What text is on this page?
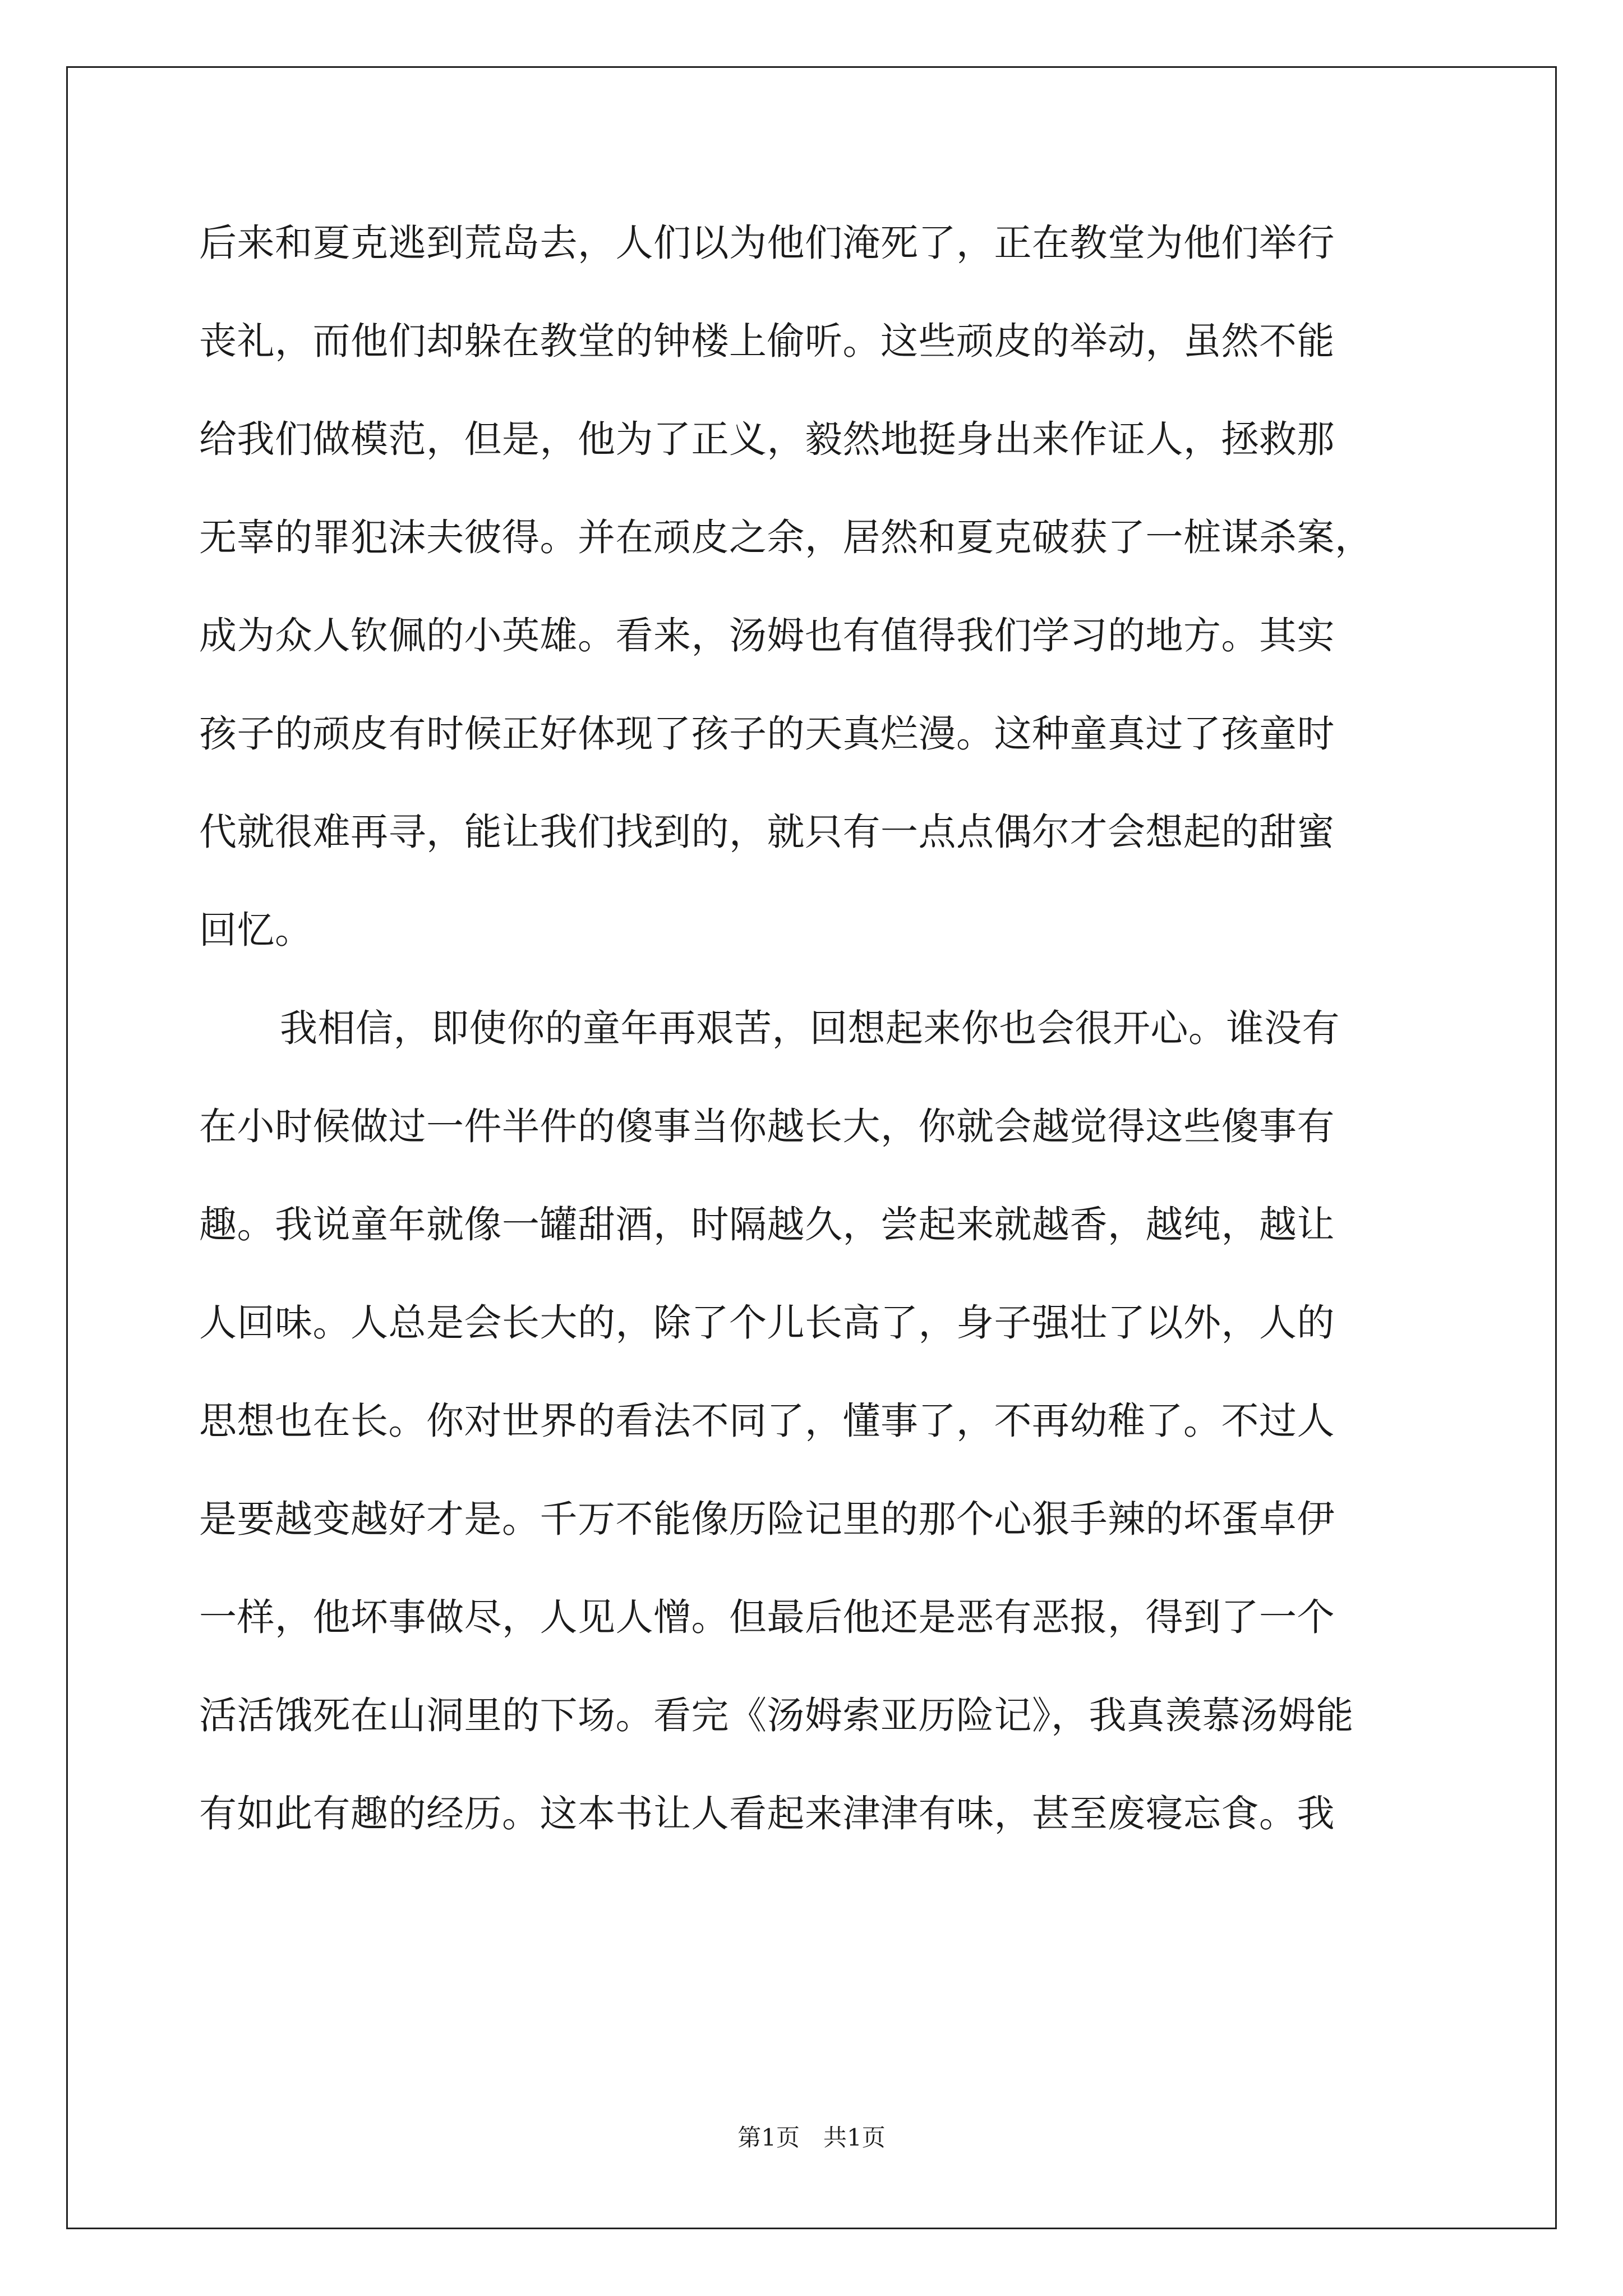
后来和夏克逃到荒岛去，人们以为他们淹死了，正在教堂为他们举行
丧礼，而他们却躲在教堂的钟楼上偷听。这些顽皮的举动，虽然不能
给我们做模范，但是，他为了正义，毅然地挺身出来作证人，拯救那
无辜的罪犯沫夫彼得。并在顽皮之余，居然和夏克破获了一桩谋杀案，
成为众人钦佩的小英雄。看来，汤姆也有值得我们学习的地方。其实
孩子的顽皮有时候正好体现了孩子的天真烂漫。这种童真过了孩童时
代就很难再寻，能让我们找到的，就只有一点点偶尔才会想起的甜蜜
回忆。
我相信，即使你的童年再艰苦，回想起来你也会很开心。谁没有
在小时候做过一件半件的傻事当你越长大，你就会越觉得这些傻事有
趣。我说童年就像一罐甜酒，时隔越久，尝起来就越香，越纯，越让
人回味。人总是会长大的，除了个儿长高了，身子强壮了以外，人的
思想也在长。你对世界的看法不同了，懂事了，不再幼稚了。不过人
是要越变越好才是。千万不能像历险记里的那个心狠手辣的坏蛋卓伊
一样，他坏事做尽，人见人憎。但最后他还是恶有恶报，得到了一个
活活饿死在山洞里的下场。看完《汤姆索亚历险记》，我真羡慕汤姆能
有如此有趣的经历。这本书让人看起来津津有味，甚至废寝忘食。我
第1页　共1页
